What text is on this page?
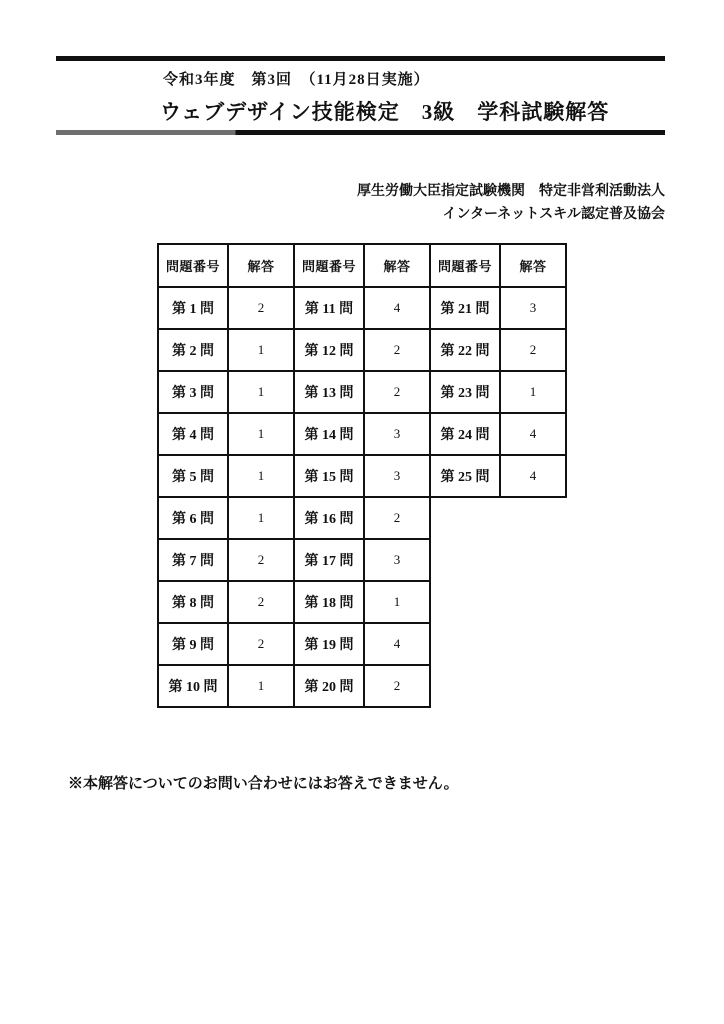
令和3年度　第3回　（11月28日実施）
ウェブデザイン技能検定　3級　学科試験解答
厚生労働大臣指定試験機関　特定非営利活動法人
インターネットスキル認定普及協会
問題番号	解答	問題番号	解答	問題番号	解答
第 1 問	2	第 11 問	4	第 21 問	3
第 2 問	1	第 12 問	2	第 22 問	2
第 3 問	1	第 13 問	2	第 23 問	1
第 4 問	1	第 14 問	3	第 24 問	4
第 5 問	1	第 15 問	3	第 25 問	4
第 6 問	1	第 16 問	2		
第 7 問	2	第 17 問	3		
第 8 問	2	第 18 問	1		
第 9 問	2	第 19 問	4		
第 10 問	1	第 20 問	2		
※本解答についてのお問い合わせにはお答えできません。
